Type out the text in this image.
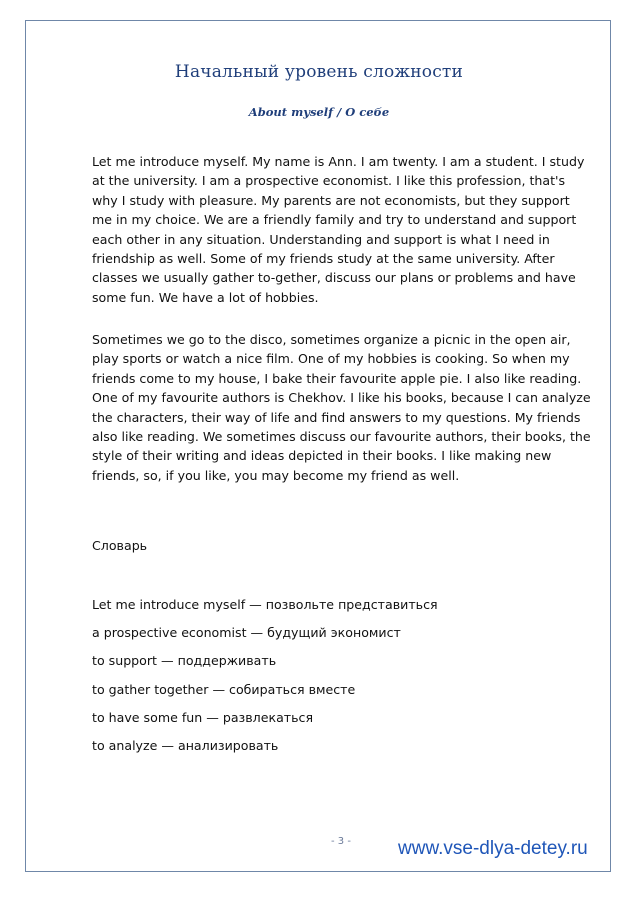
Начальный уровень сложности
About myself / О себе

Let me introduce myself. My name is Ann. I am twenty. I am a student. I study at the university. I am a prospective economist. I like this profession, that's why I study with pleasure. My parents are not economists, but they support me in my choice. We are a friendly family and try to understand and support each other in any situation. Understanding and support is what I need in friendship as well. Some of my friends study at the same university. After classes we usually gather to-gether, discuss our plans or problems and have some fun. We have a lot of hobbies.

Sometimes we go to the disco, sometimes organize a picnic in the open air, play sports or watch a nice film. One of my hobbies is cooking. So when my friends come to my house, I bake their favourite apple pie. I also like reading. One of my favourite authors is Chekhov. I like his books, because I can analyze the characters, their way of life and find answers to my questions. My friends also like reading. We sometimes discuss our favourite authors, their books, the style of their writing and ideas depicted in their books. I like making new friends, so, if you like, you may become my friend as well.

Словарь
Let me introduce myself — позвольте представиться
a prospective economist — будущий экономист
to support — поддерживать
to gather together — собираться вместе
to have some fun — развлекаться
to analyze — анализировать
- 3 - www.vse-dlya-detey.ru
